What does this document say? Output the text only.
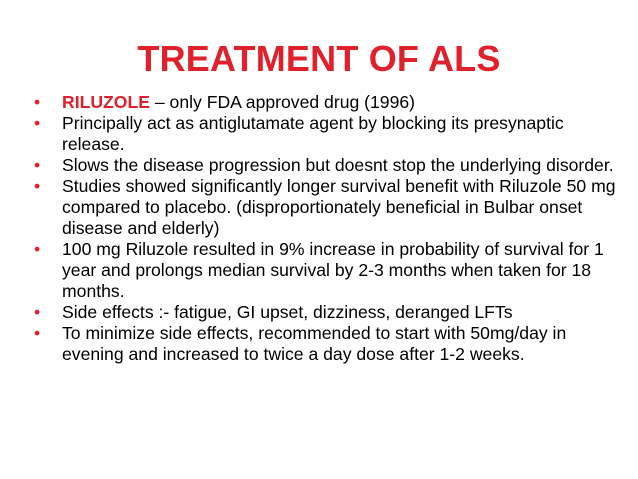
TREATMENT OF ALS
•	RILUZOLE – only FDA approved drug (1996)
•	Principally act as antiglutamate agent by blocking its presynaptic release.
•	Slows the disease progression but doesnt stop the underlying disorder.
•	Studies showed significantly longer survival benefit with Riluzole 50 mg compared to placebo. (disproportionately beneficial in Bulbar onset disease and elderly)
•	100 mg Riluzole resulted in 9% increase in probability of survival for 1 year and prolongs median survival by 2-3 months when taken for 18 months.
•	Side effects :- fatigue, GI upset, dizziness, deranged LFTs
•	To minimize side effects, recommended to start with 50mg/day in evening and increased to twice a day dose after 1-2 weeks.
